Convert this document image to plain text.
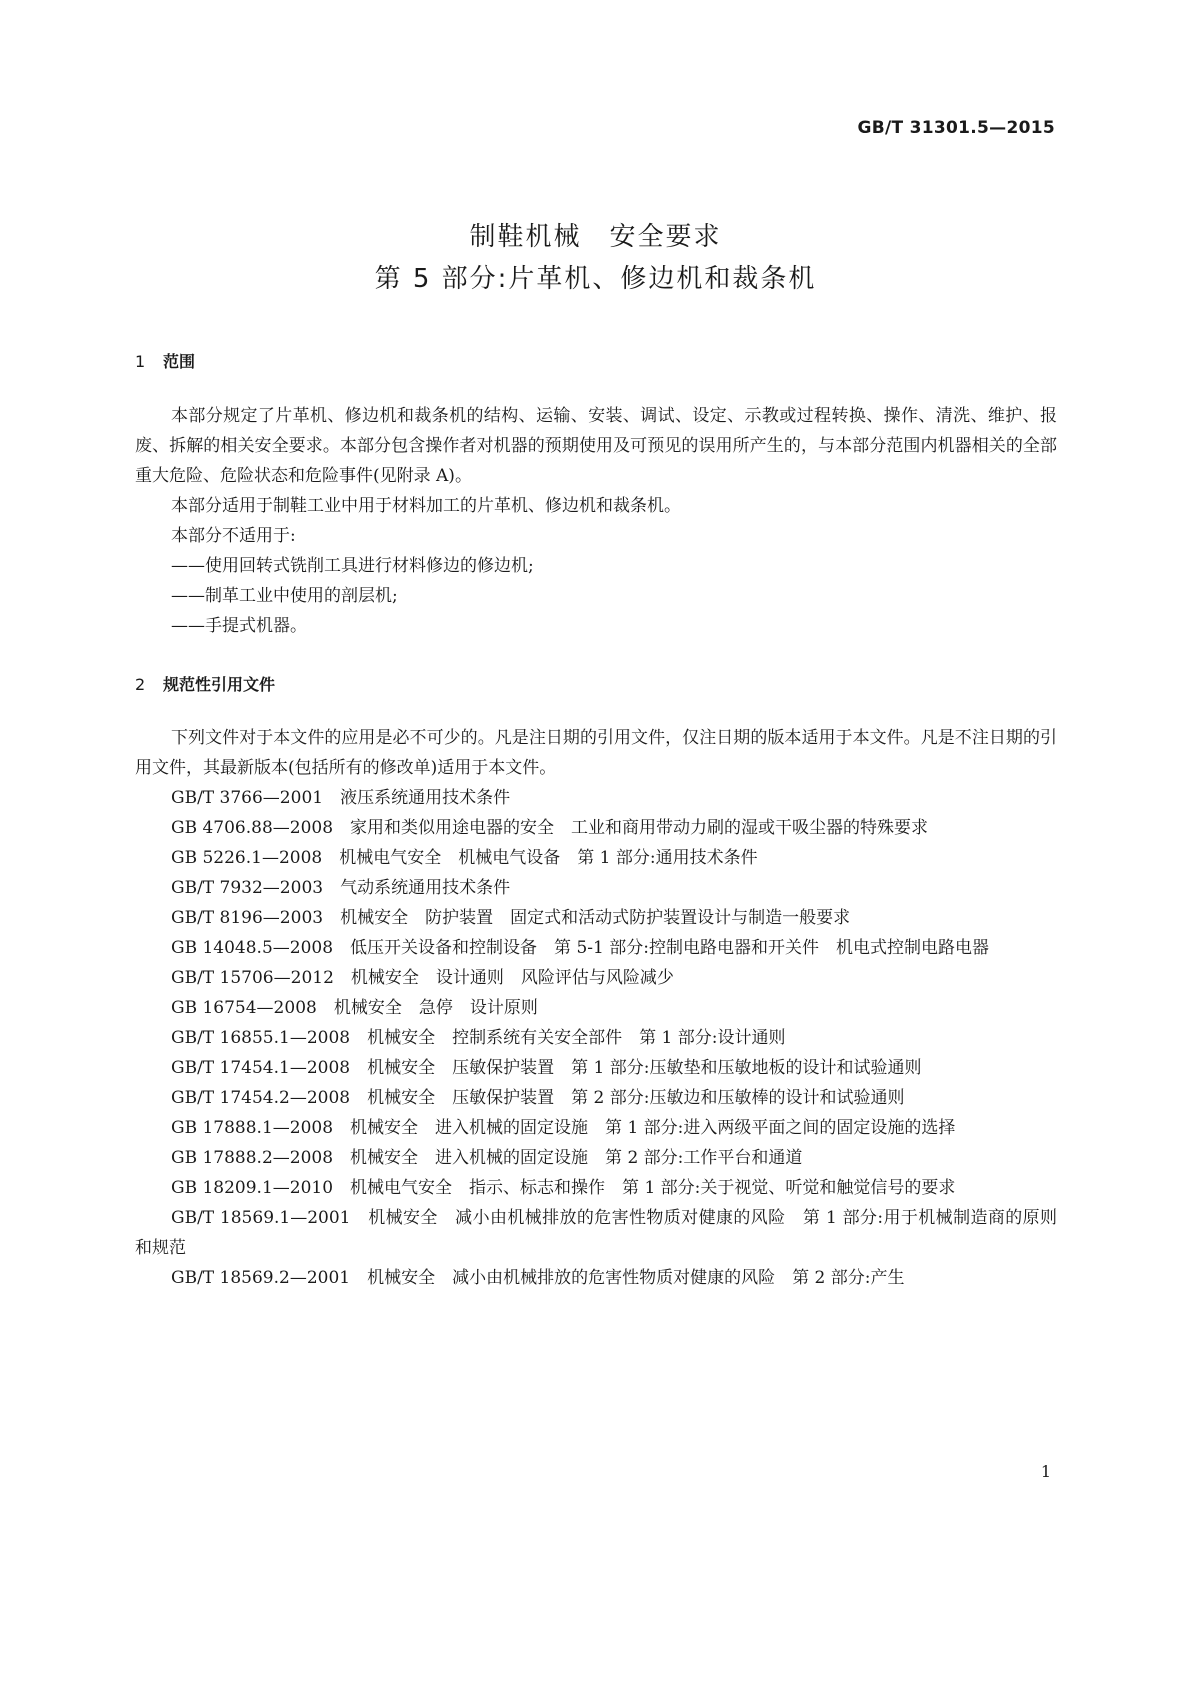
GB/T 31301.5—2015
制鞋机械　安全要求
第 5 部分:片革机、修边机和裁条机
1 范围

本部分规定了片革机、修边机和裁条机的结构、运输、安装、调试、设定、示教或过程转换、操作、清洗、维护、报废、拆解的相关安全要求。本部分包含操作者对机器的预期使用及可预见的误用所产生的，与本部分范围内机器相关的全部重大危险、危险状态和危险事件(见附录 A)。

本部分适用于制鞋工业中用于材料加工的片革机、修边机和裁条机。

本部分不适用于:

——使用回转式铣削工具进行材料修边的修边机;

——制革工业中使用的剖层机;

——手提式机器。

2 规范性引用文件

下列文件对于本文件的应用是必不可少的。凡是注日期的引用文件，仅注日期的版本适用于本文件。凡是不注日期的引用文件，其最新版本(包括所有的修改单)适用于本文件。

GB/T 3766—2001　液压系统通用技术条件

GB 4706.88—2008　家用和类似用途电器的安全　工业和商用带动力刷的湿或干吸尘器的特殊要求

GB 5226.1—2008　机械电气安全　机械电气设备　第 1 部分:通用技术条件

GB/T 7932—2003　气动系统通用技术条件

GB/T 8196—2003　机械安全　防护装置　固定式和活动式防护装置设计与制造一般要求

GB 14048.5—2008　低压开关设备和控制设备　第 5-1 部分:控制电路电器和开关件　机电式控制电路电器

GB/T 15706—2012　机械安全　设计通则　风险评估与风险减少

GB 16754—2008　机械安全　急停　设计原则

GB/T 16855.1—2008　机械安全　控制系统有关安全部件　第 1 部分:设计通则

GB/T 17454.1—2008　机械安全　压敏保护装置　第 1 部分:压敏垫和压敏地板的设计和试验通则

GB/T 17454.2—2008　机械安全　压敏保护装置　第 2 部分:压敏边和压敏棒的设计和试验通则

GB 17888.1—2008　机械安全　进入机械的固定设施　第 1 部分:进入两级平面之间的固定设施的选择

GB 17888.2—2008　机械安全　进入机械的固定设施　第 2 部分:工作平台和通道

GB 18209.1—2010　机械电气安全　指示、标志和操作　第 1 部分:关于视觉、听觉和触觉信号的要求

GB/T 18569.1—2001　机械安全　减小由机械排放的危害性物质对健康的风险　第 1 部分:用于机械制造商的原则和规范

GB/T 18569.2—2001　机械安全　减小由机械排放的危害性物质对健康的风险　第 2 部分:产生

1
